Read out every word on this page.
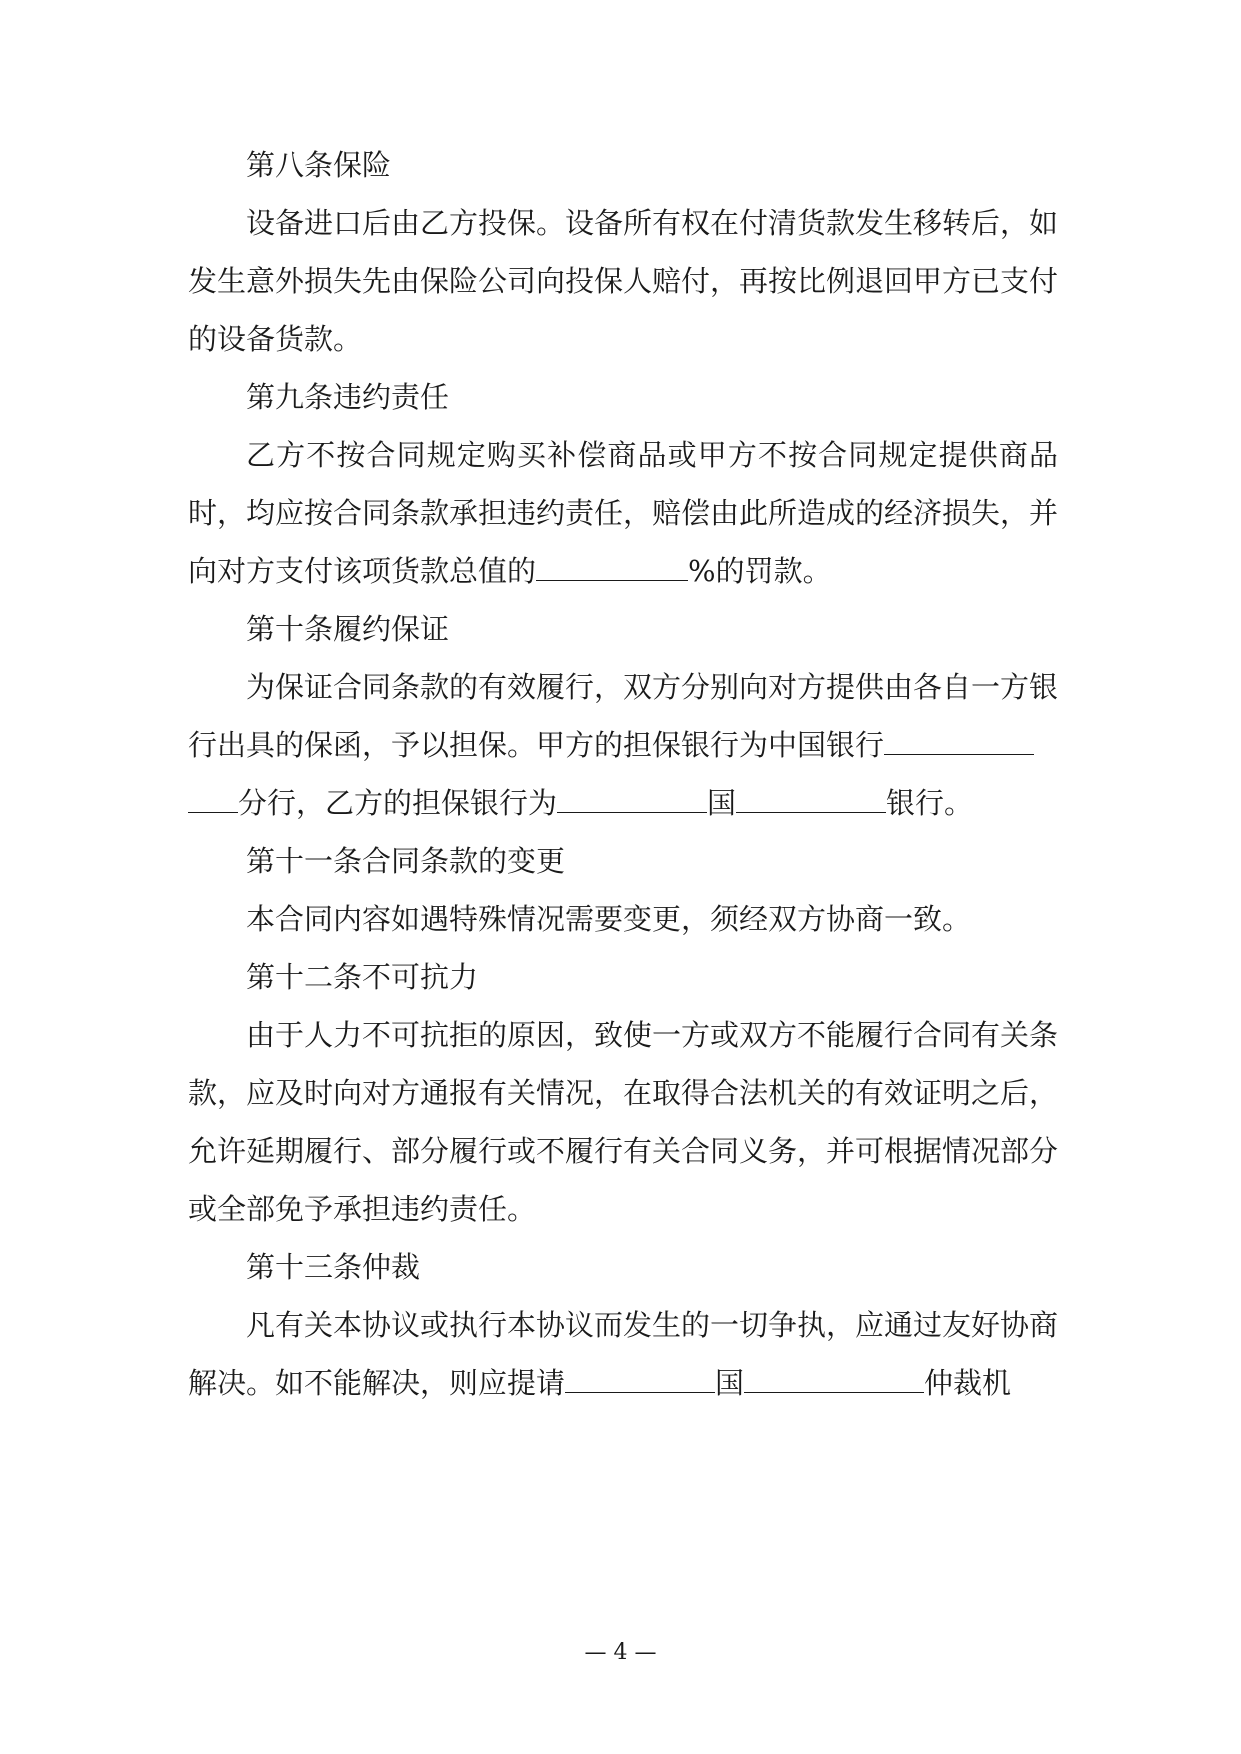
第八条保险
设备进口后由乙方投保。设备所有权在付清货款发生移转后，如
发生意外损失先由保险公司向投保人赔付，再按比例退回甲方已支付
的设备货款。
第九条违约责任
乙方不按合同规定购买补偿商品或甲方不按合同规定提供商品
时，均应按合同条款承担违约责任，赔偿由此所造成的经济损失，并
向对方支付该项货款总值的	%的罚款。
第十条履约保证
为保证合同条款的有效履行，双方分别向对方提供由各自一方银
行出具的保函，予以担保。甲方的担保银行为中国银行
分行，乙方的担保银行为	国	银行。
第十一条合同条款的变更
本合同内容如遇特殊情况需要变更，须经双方协商一致。
第十二条不可抗力
由于人力不可抗拒的原因，致使一方或双方不能履行合同有关条
款，应及时向对方通报有关情况，在取得合法机关的有效证明之后，
允许延期履行、部分履行或不履行有关合同义务，并可根据情况部分
或全部免予承担违约责任。
第十三条仲裁
凡有关本协议或执行本协议而发生的一切争执，应通过友好协商
解决。如不能解决，则应提请	国	仲裁机
— 4 —
